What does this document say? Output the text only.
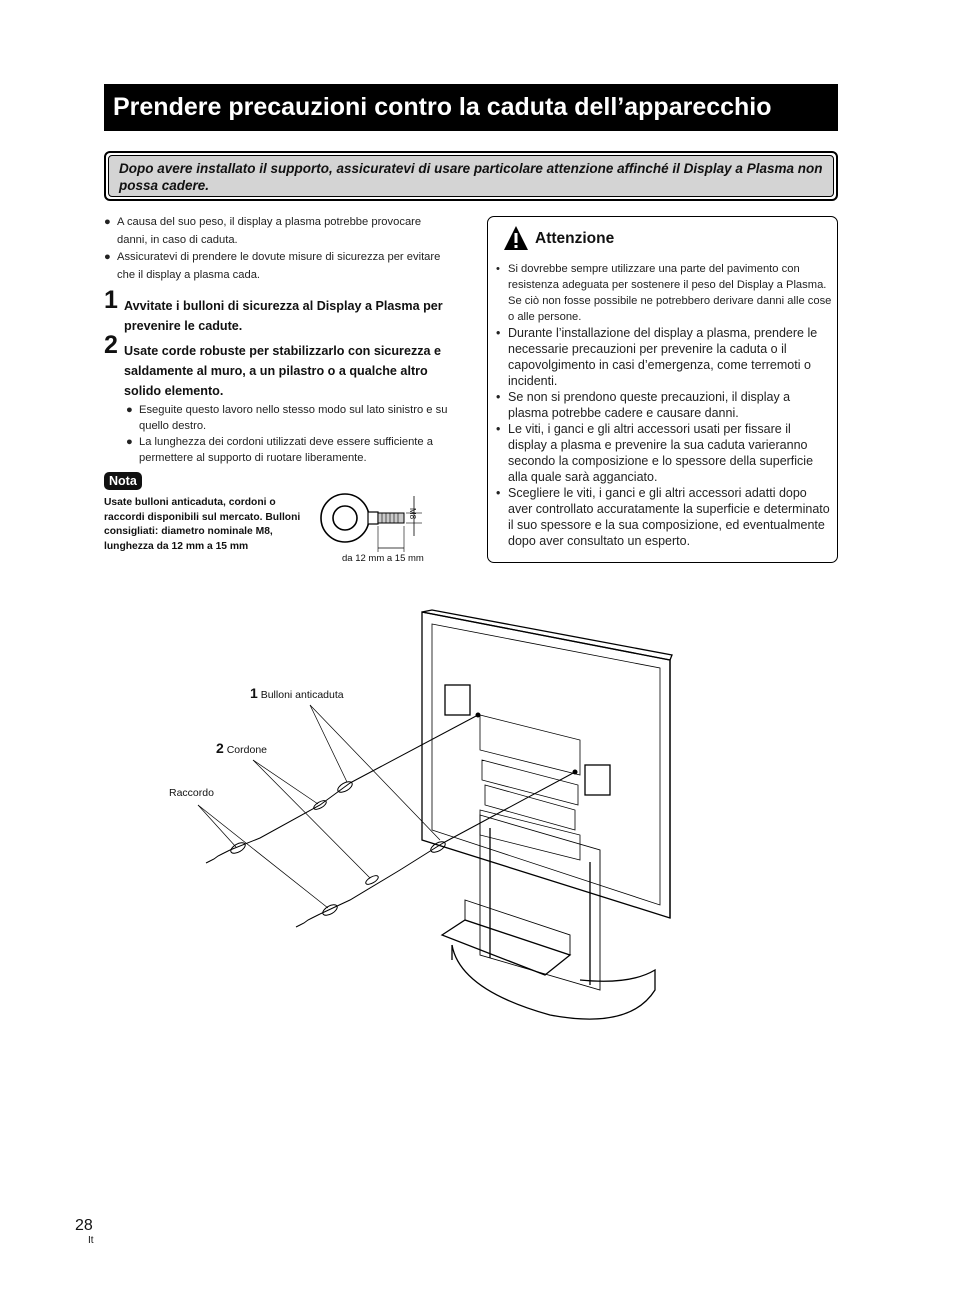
Prendere precauzioni contro la caduta dell’apparecchio
Dopo avere installato il supporto, assicuratevi di usare particolare attenzione affinché il Display a Plasma non possa cadere.
● A causa del suo peso, il display a plasma potrebbe provocare danni, in caso di caduta.
● Assicuratevi di prendere le dovute misure di sicurezza per evitare che il display a plasma cada.
1 Avvitate i bulloni di sicurezza al Display a Plasma per prevenire le cadute.
2 Usate corde robuste per stabilizzarlo con sicurezza e saldamente al muro, a un pilastro o a qualche altro solido elemento.
● Eseguite questo lavoro nello stesso modo sul lato sinistro e su quello destro.
● La lunghezza dei cordoni utilizzati deve essere sufficiente a permettere al supporto di ruotare liberamente.
Nota
Usate bulloni anticaduta, cordoni o raccordi disponibili sul mercato. Bulloni consigliati: diametro nominale M8, lunghezza da 12 mm a 15 mm
M8
da 12 mm a 15 mm
Attenzione
• Si dovrebbe sempre utilizzare una parte del pavimento con resistenza adeguata per sostenere il peso del Display a Plasma. Se ciò non fosse possibile ne potrebbero derivare danni alle cose o alle persone.
• Durante l’installazione del display a plasma, prendere le necessarie precauzioni per prevenire la caduta o il capovolgimento in casi d’emergenza, come terremoti o incidenti.
• Se non si prendono queste precauzioni, il display a plasma potrebbe cadere e causare danni.
• Le viti, i ganci e gli altri accessori usati per fissare il display a plasma e prevenire la sua caduta varieranno secondo la composizione e lo spessore della superficie alla quale sarà agganciato.
• Scegliere le viti, i ganci e gli altri accessori adatti dopo aver controllato accuratamente la superficie e determinato il suo spessore e la sua composizione, ed eventualmente dopo aver consultato un esperto.
1 Bulloni anticaduta
2 Cordone
Raccordo
28
It
